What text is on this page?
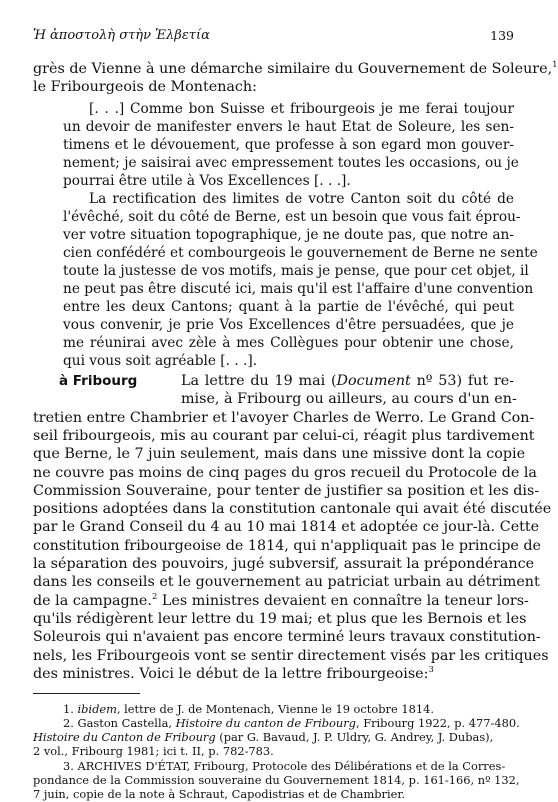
Ἡ ἀποστολὴ στὴν Ἑλβετία	139
grès de Vienne à une démarche similaire du Gouvernement de Soleure,$^1$
le Fribourgeois de Montenach:
[. . .] Comme bon Suisse et fribourgeois je me ferai toujour
un devoir de manifester envers le haut Etat de Soleure, les sen-
timens et le dévouement, que professe à son egard mon gouver-
nement; je saisirai avec empressement toutes les occasions, ou je
pourrai être utile à Vos Excellences [. . .].
La rectification des limites de votre Canton soit du côté de
l'évêché, soit du côté de Berne, est un besoin que vous fait éprou-
ver votre situation topographique, je ne doute pas, que notre an-
cien confédéré et combourgeois le gouvernement de Berne ne sente
toute la justesse de vos motifs, mais je pense, que pour cet objet, il
ne peut pas être discuté ici, mais qu'il est l'affaire d'une convention
entre les deux Cantons; quant à la partie de l'évêché, qui peut
vous convenir, je prie Vos Excellences d'être persuadées, que je
me réunirai avec zèle à mes Collègues pour obtenir une chose,
qui vous soit agréable [. . .].
à Fribourg	La lettre du 19 mai (Document nº 53) fut re-
mise, à Fribourg ou ailleurs, au cours d'un en-
tretien entre Chambrier et l'avoyer Charles de Werro. Le Grand Con-
seil fribourgeois, mis au courant par celui-ci, réagit plus tardivement
que Berne, le 7 juin seulement, mais dans une missive dont la copie
ne couvre pas moins de cinq pages du gros recueil du Protocole de la
Commission Souveraine, pour tenter de justifier sa position et les dis-
positions adoptées dans la constitution cantonale qui avait été discutée
par le Grand Conseil du 4 au 10 mai 1814 et adoptée ce jour-là. Cette
constitution fribourgeoise de 1814, qui n'appliquait pas le principe de
la séparation des pouvoirs, jugé subversif, assurait la prépondérance
dans les conseils et le gouvernement au patriciat urbain au détriment
de la campagne.$^2$ Les ministres devaient en connaître la teneur lors-
qu'ils rédigèrent leur lettre du 19 mai; et plus que les Bernois et les
Soleurois qui n'avaient pas encore terminé leurs travaux constitution-
nels, les Fribourgeois vont se sentir directement visés par les critiques
des ministres. Voici le début de la lettre fribourgeoise:$^3$
1. ibidem, lettre de J. de Montenach, Vienne le 19 octobre 1814.
2. Gaston Castella, Histoire du canton de Fribourg, Fribourg 1922, p. 477-480.
Histoire du Canton de Fribourg (par G. Bavaud, J. P. Uldry, G. Andrey, J. Dubas),
2 vol., Fribourg 1981; ici t. II, p. 782-783.
3. ARCHIVES D'ÉTAT, Fribourg, Protocole des Délibérations et de la Corres-
pondance de la Commission souveraine du Gouvernement 1814, p. 161-166, nº 132,
7 juin, copie de la note à Schraut, Capodistrias et de Chambrier.
